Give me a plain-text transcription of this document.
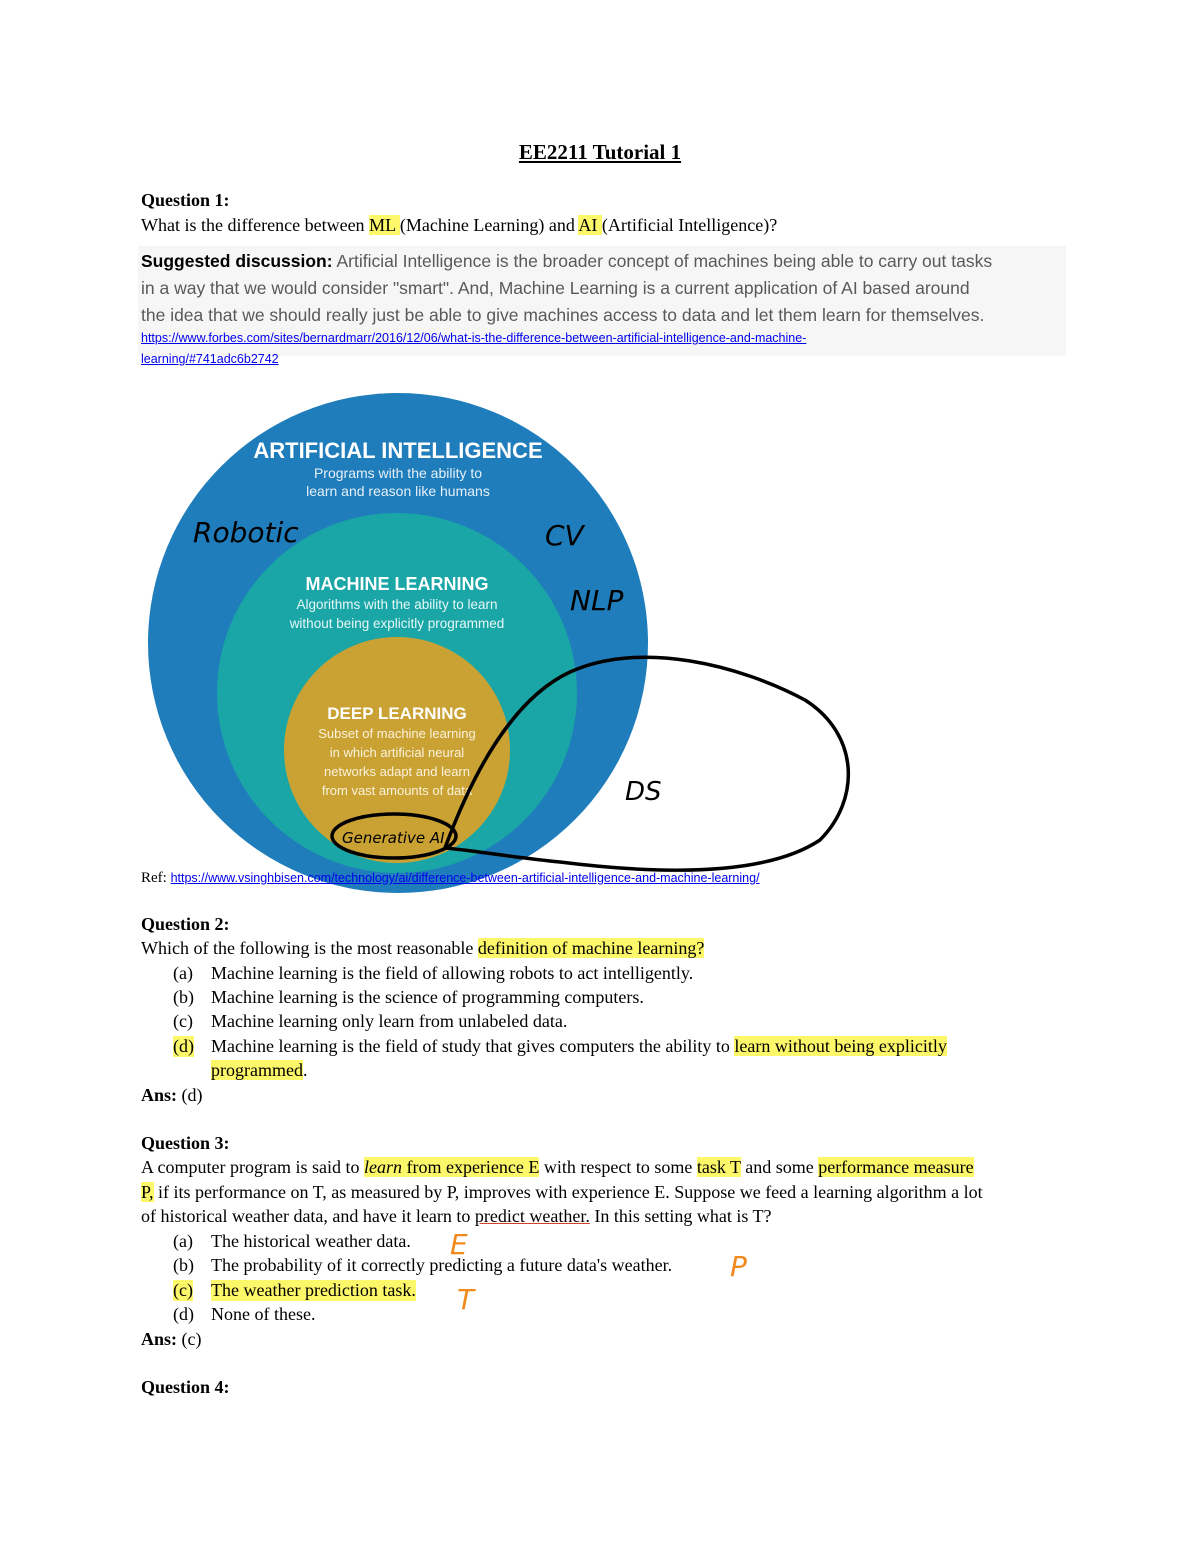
EE2211 Tutorial 1
Question 1:
What is the difference between ML (Machine Learning) and AI (Artificial Intelligence)?
Suggested discussion: Artificial Intelligence is the broader concept of machines being able to carry out tasks
in a way that we would consider "smart". And, Machine Learning is a current application of AI based around
the idea that we should really just be able to give machines access to data and let them learn for themselves.
https://www.forbes.com/sites/bernardmarr/2016/12/06/what-is-the-difference-between-artificial-intelligence-and-machine-
learning/#741adc6b2742
ARTIFICIAL INTELLIGENCE
Programs with the ability to
learn and reason like humans
MACHINE LEARNING
Algorithms with the ability to learn
without being explicitly programmed
DEEP LEARNING
Subset of machine learning
in which artificial neural
networks adapt and learn
from vast amounts of data
Robotic	CV
NLP
DS
Generative AI
Ref: https://www.vsinghbisen.com/technology/ai/difference-between-artificial-intelligence-and-machine-learning/
Question 2:
Which of the following is the most reasonable definition of machine learning?
(a) Machine learning is the field of allowing robots to act intelligently.
(b) Machine learning is the science of programming computers.
(c) Machine learning only learn from unlabeled data.
(d) Machine learning is the field of study that gives computers the ability to learn without being explicitly
programmed.
Ans: (d)
Question 3:
A computer program is said to learn from experience E with respect to some task T and some performance measure
P, if its performance on T, as measured by P, improves with experience E. Suppose we feed a learning algorithm a lot
of historical weather data, and have it learn to predict weather. In this setting what is T?
(a) The historical weather data.
(b) The probability of it correctly predicting a future data's weather.
(c) The weather prediction task.
(d) None of these.
Ans: (c)
E
P
T
Question 4:
